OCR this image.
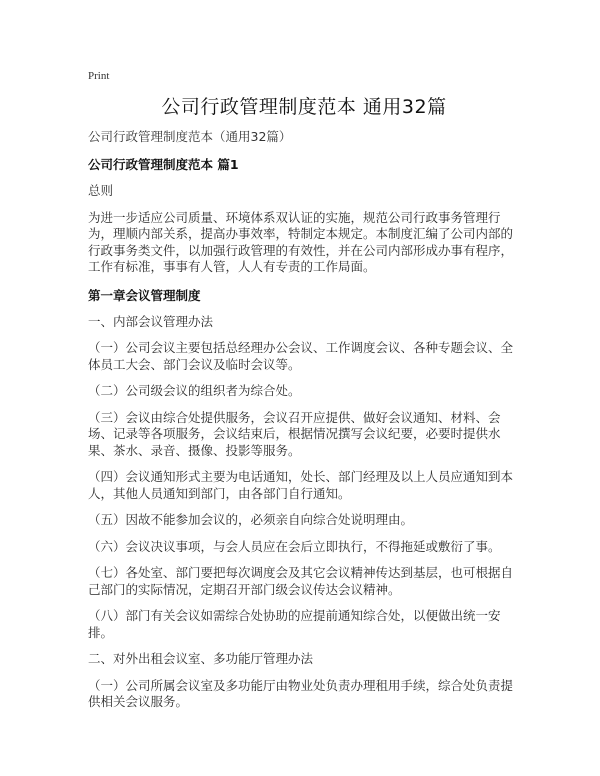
Print
公司行政管理制度范本 通用32篇
公司行政管理制度范本（通用32篇）
公司行政管理制度范本 篇1
总则
为进一步适应公司质量、环境体系双认证的实施，规范公司行政事务管理行为，理顺内部关系，提高办事效率，特制定本规定。本制度汇编了公司内部的行政事务类文件，以加强行政管理的有效性，并在公司内部形成办事有程序，工作有标准，事事有人管，人人有专责的工作局面。
第一章会议管理制度
一、内部会议管理办法
（一）公司会议主要包括总经理办公会议、工作调度会议、各种专题会议、全体员工大会、部门会议及临时会议等。
（二）公司级会议的组织者为综合处。
（三）会议由综合处提供服务，会议召开应提供、做好会议通知、材料、会场、记录等各项服务，会议结束后，根据情况撰写会议纪要，必要时提供水果、茶水、录音、摄像、投影等服务。
（四）会议通知形式主要为电话通知，处长、部门经理及以上人员应通知到本人，其他人员通知到部门，由各部门自行通知。
（五）因故不能参加会议的，必须亲自向综合处说明理由。
（六）会议决议事项，与会人员应在会后立即执行，不得拖延或敷衍了事。
（七）各处室、部门要把每次调度会及其它会议精神传达到基层，也可根据自己部门的实际情况，定期召开部门级会议传达会议精神。
（八）部门有关会议如需综合处协助的应提前通知综合处，以便做出统一安排。
二、对外出租会议室、多功能厅管理办法
（一）公司所属会议室及多功能厅由物业处负责办理租用手续，综合处负责提供相关会议服务。
